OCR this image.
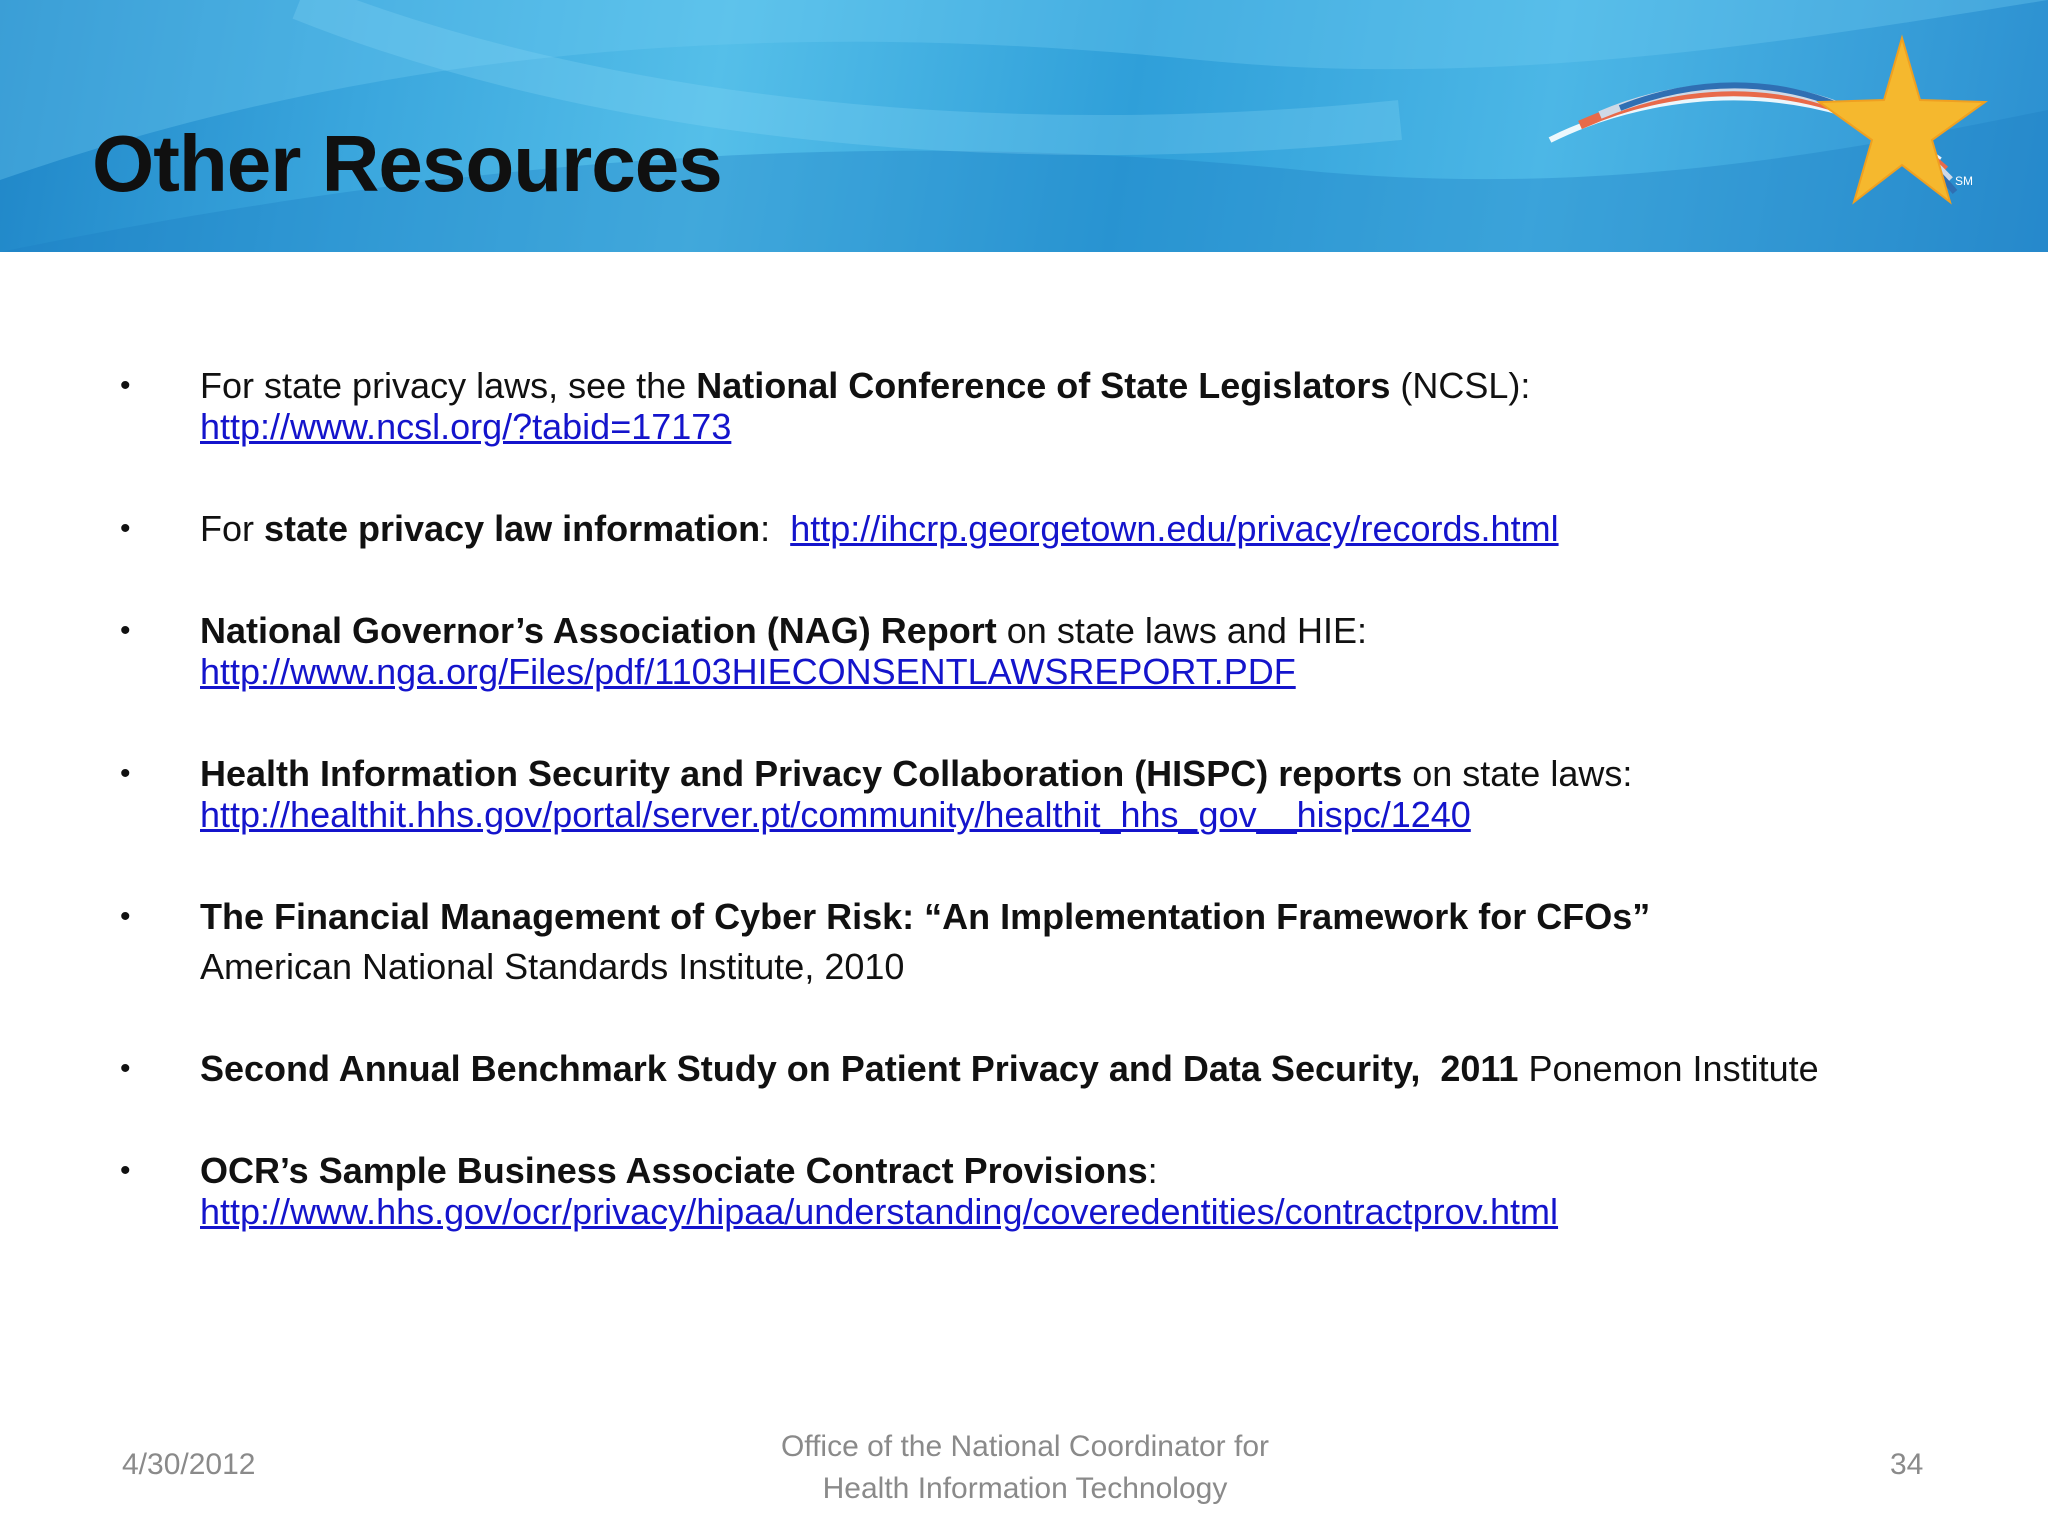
SM
Other Resources
• For state privacy laws, see the National Conference of State Legislators (NCSL):
http://www.ncsl.org/?tabid=17173
• For state privacy law information:  http://ihcrp.georgetown.edu/privacy/records.html
• National Governor’s Association (NAG) Report on state laws and HIE:
http://www.nga.org/Files/pdf/1103HIECONSENTLAWSREPORT.PDF
• Health Information Security and Privacy Collaboration (HISPC) reports on state laws:
http://healthit.hhs.gov/portal/server.pt/community/healthit_hhs_gov__hispc/1240
• The Financial Management of Cyber Risk: “An Implementation Framework for CFOs”
American National Standards Institute, 2010
• Second Annual Benchmark Study on Patient Privacy and Data Security,  2011 Ponemon Institute
• OCR’s Sample Business Associate Contract Provisions:
http://www.hhs.gov/ocr/privacy/hipaa/understanding/coveredentities/contractprov.html
4/30/2012
Office of the National Coordinator for
Health Information Technology
34
